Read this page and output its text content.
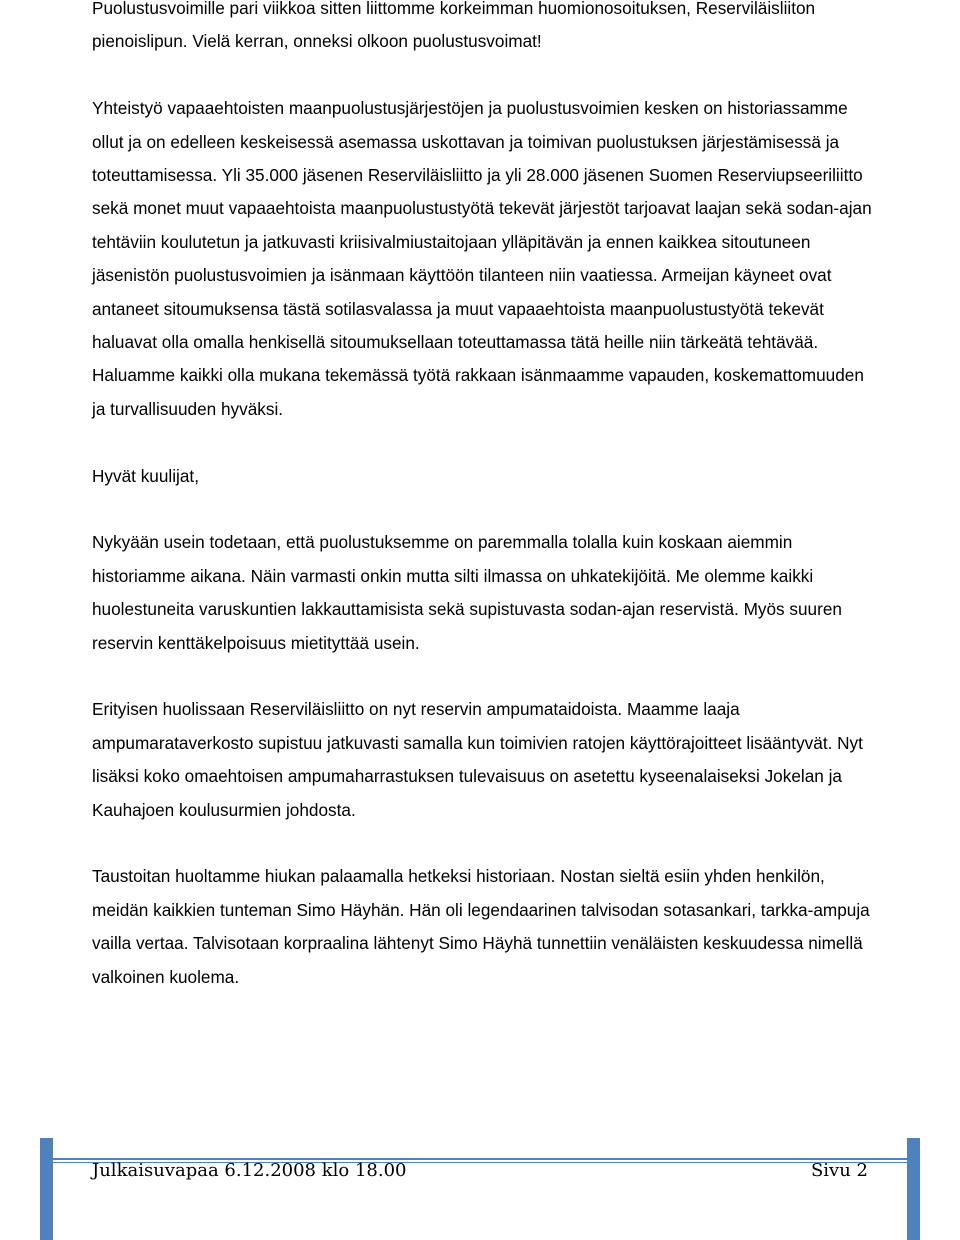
Puolustusvoimille pari viikkoa sitten liittomme korkeimman huomionosoituksen, Reserviläisliiton pienoislipun. Vielä kerran, onneksi olkoon puolustusvoimat!

Yhteistyö vapaaehtoisten maanpuolustusjärjestöjen ja puolustusvoimien kesken on historiassamme ollut ja on edelleen keskeisessä asemassa uskottavan ja toimivan puolustuksen järjestämisessä ja toteuttamisessa. Yli 35.000 jäsenen Reserviläisliitto ja yli 28.000 jäsenen Suomen Reserviupseeriliitto sekä monet muut vapaaehtoista maanpuolustustyötä tekevät järjestöt tarjoavat laajan sekä sodan-ajan tehtäviin koulutetun ja jatkuvasti kriisivalmiustaitojaan ylläpitävän ja ennen kaikkea sitoutuneen jäsenistön puolustusvoimien ja isänmaan käyttöön tilanteen niin vaatiessa. Armeijan käyneet ovat antaneet sitoumuksensa tästä sotilasvalassa ja muut vapaaehtoista maanpuolustustyötä tekevät haluavat olla omalla henkisellä sitoumuksellaan toteuttamassa tätä heille niin tärkeätä tehtävää. Haluamme kaikki olla mukana tekemässä työtä rakkaan isänmaamme vapauden, koskemattomuuden ja turvallisuuden hyväksi.

Hyvät kuulijat,

Nykyään usein todetaan, että puolustuksemme on paremmalla tolalla kuin koskaan aiemmin historiamme aikana. Näin varmasti onkin mutta silti ilmassa on uhkatekijöitä. Me olemme kaikki huolestuneita varuskuntien lakkauttamisista sekä supistuvasta sodan-ajan reservistä. Myös suuren reservin kenttäkelpoisuus mietityttää usein.

Erityisen huolissaan Reserviläisliitto on nyt reservin ampumataidoista. Maamme laaja ampumarataverkosto supistuu jatkuvasti samalla kun toimivien ratojen käyttörajoitteet lisääntyvät. Nyt lisäksi koko omaehtoisen ampumaharrastuksen tulevaisuus on asetettu kyseenalaiseksi Jokelan ja Kauhajoen koulusurmien johdosta.

Taustoitan huoltamme hiukan palaamalla hetkeksi historiaan. Nostan sieltä esiin yhden henkilön, meidän kaikkien tunteman Simo Häyhän. Hän oli legendaarinen talvisodan sotasankari, tarkka-ampuja vailla vertaa. Talvisotaan korpraalina lähtenyt Simo Häyhä tunnettiin venäläisten keskuudessa nimellä valkoinen kuolema.

Julkaisuvapaa 6.12.2008 klo 18.00	Sivu 2
